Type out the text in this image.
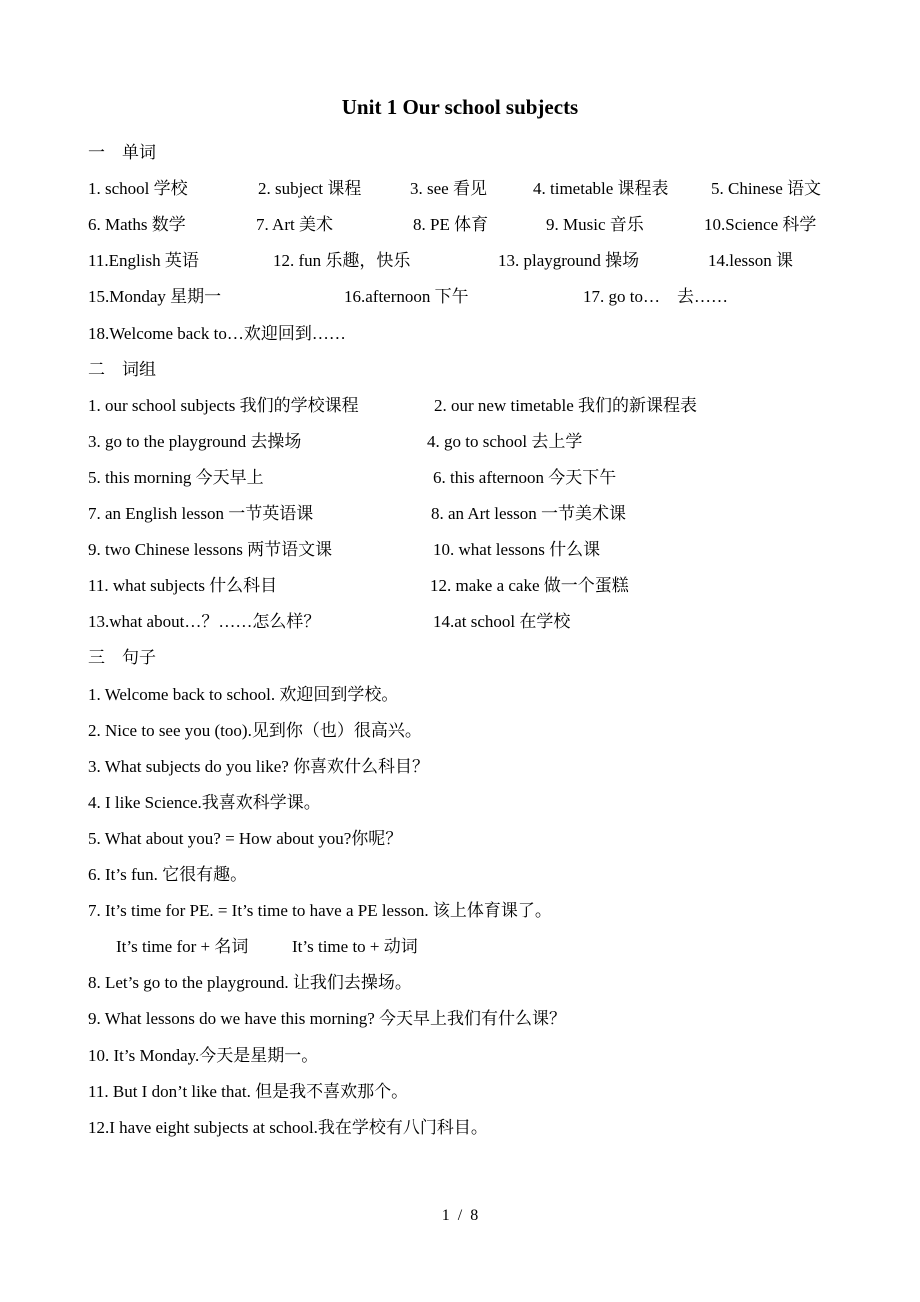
Unit 1 Our school subjects
一 单词
1. school 学校	2. subject 课程	3. see 看见	4. timetable 课程表 5. Chinese 语文
6. Maths 数学	7. Art 美术	8. PE 体育	9. Music 音乐	10.Science 科学
11.English 英语	12. fun 乐趣，快乐	13. playground 操场	14.lesson 课
15.Monday 星期一	16.afternoon 下午	17. go to… 去……
18.Welcome back to…欢迎回到……
二 词组
1. our school subjects 我们的学校课程	2. our new timetable 我们的新课程表
3. go to the playground 去操场	4. go to school 去上学
5. this morning 今天早上	6. this afternoon 今天下午
7. an English lesson 一节英语课	8. an Art lesson 一节美术课
9. two Chinese lessons 两节语文课	10. what lessons 什么课
11. what subjects 什么科目	12. make a cake 做一个蛋糕
13.what about…？……怎么样？	14.at school 在学校
三 句子
1. Welcome back to school. 欢迎回到学校。
2. Nice to see you (too).见到你（也）很高兴。
3. What subjects do you like? 你喜欢什么科目？
4. I like Science.我喜欢科学课。
5. What about you? = How about you?你呢？
6. It’s fun. 它很有趣。
7. It’s time for PE. = It’s time to have a PE lesson. 该上体育课了。
It’s time for + 名词	It’s time to + 动词
8. Let’s go to the playground. 让我们去操场。
9. What lessons do we have this morning? 今天早上我们有什么课？
10. It’s Monday.今天是星期一。
11. But I don’t like that. 但是我不喜欢那个。
12.I have eight subjects at school.我在学校有八门科目。
1 / 8
